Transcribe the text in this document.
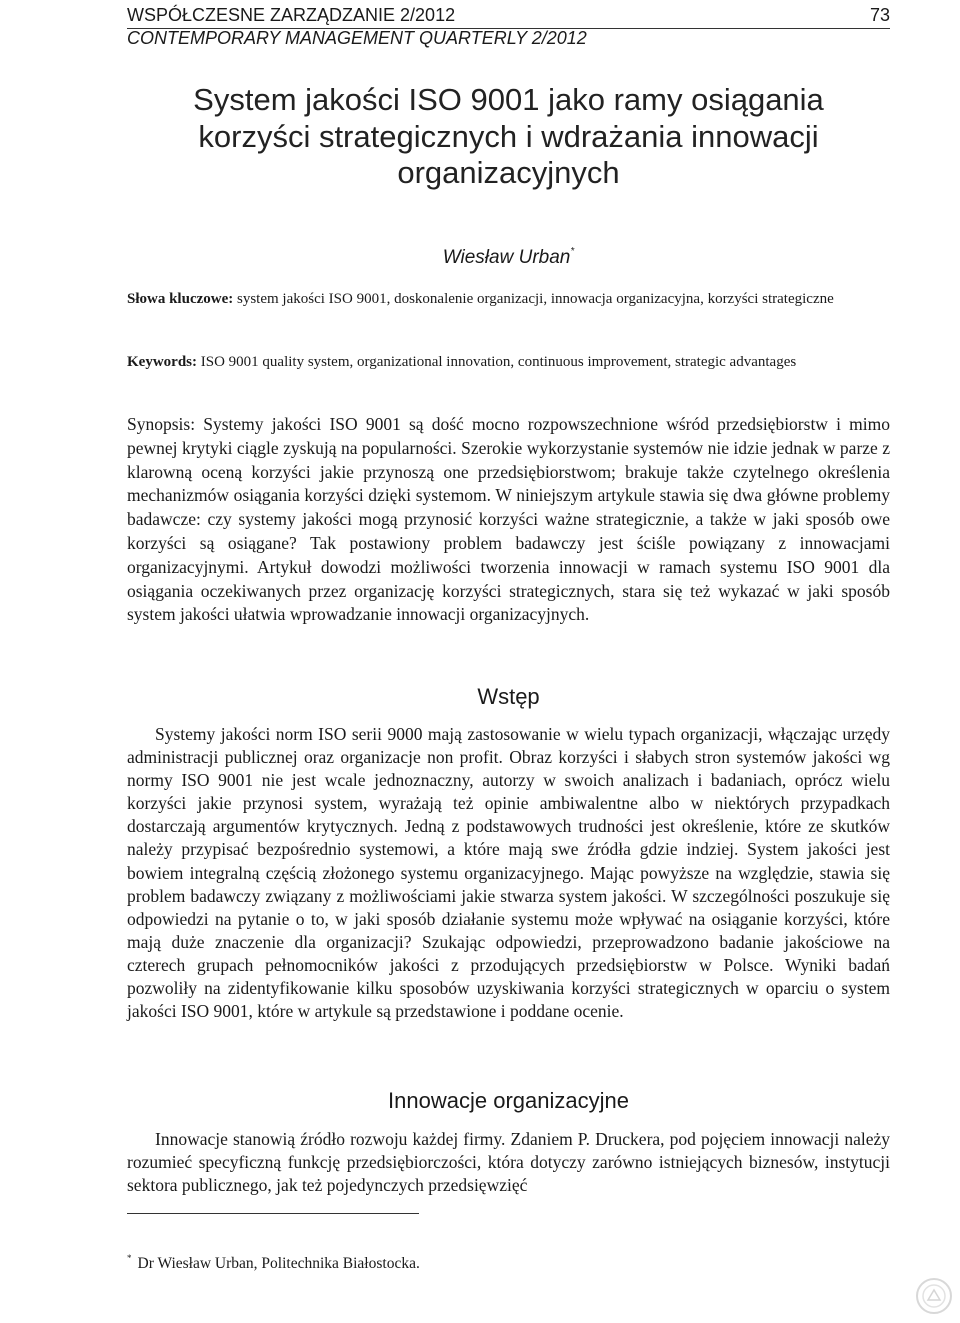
WSPÓŁCZESNE ZARZĄDZANIE 2/2012
CONTEMPORARY MANAGEMENT QUARTERLY 2/2012
73
System jakości ISO 9001 jako ramy osiągania
korzyści strategicznych i wdrażania innowacji
organizacyjnych
Wiesław Urban*
Słowa kluczowe: system jakości ISO 9001, doskonalenie organizacji, innowacja organizacyjna, korzyści strategiczne
Keywords: ISO 9001 quality system, organizational innovation, continuous improvement, strategic advantages
Synopsis: Systemy jakości ISO 9001 są dość mocno rozpowszechnione wśród przedsiębiorstw i mimo pewnej krytyki ciągle zyskują na popularności. Szerokie wykorzystanie systemów nie idzie jednak w parze z klarowną oceną korzyści jakie przynoszą one przedsiębiorstwom; brakuje także czytelnego określenia mechanizmów osiągania korzyści dzięki systemom. W niniejszym artykule stawia się dwa główne problemy badawcze: czy systemy jakości mogą przynosić korzyści ważne strategicznie, a także w jaki sposób owe korzyści są osiągane? Tak postawiony problem badawczy jest ściśle powiązany z innowacjami organizacyjnymi. Artykuł dowodzi możliwości tworzenia innowacji w ramach systemu ISO 9001 dla osiągania oczekiwanych przez organizację korzyści strategicznych, stara się też wykazać w jaki sposób system jakości ułatwia wprowadzanie innowacji organizacyjnych.
Wstęp

Systemy jakości norm ISO serii 9000 mają zastosowanie w wielu typach organizacji, włączając urzędy administracji publicznej oraz organizacje non profit. Obraz korzyści i słabych stron systemów jakości wg normy ISO 9001 nie jest wcale jednoznaczny, autorzy w swoich analizach i badaniach, oprócz wielu korzyści jakie przynosi system, wyrażają też opinie ambiwalentne albo w niektórych przypadkach dostarczają argumentów krytycznych. Jedną z podstawowych trudności jest określenie, które ze skutków należy przypisać bezpośrednio systemowi, a które mają swe źródła gdzie indziej. System jakości jest bowiem integralną częścią złożonego systemu organizacyjnego. Mając powyższe na względzie, stawia się problem badawczy związany z możliwościami jakie stwarza system jakości. W szczególności poszukuje się odpowiedzi na pytanie o to, w jaki sposób działanie systemu może wpływać na osiąganie korzyści, które mają duże znaczenie dla organizacji? Szukając odpowiedzi, przeprowadzono badanie jakościowe na czterech grupach pełnomocników jakości z przodujących przedsiębiorstw w Polsce. Wyniki badań pozwoliły na zidentyfikowanie kilku sposobów uzyskiwania korzyści strategicznych w oparciu o system jakości ISO 9001, które w artykule są przedstawione i poddane ocenie.

Innowacje organizacyjne

Innowacje stanowią źródło rozwoju każdej firmy. Zdaniem P. Druckera, pod pojęciem innowacji należy rozumieć specyficzną funkcję przedsiębiorczości, która dotyczy zarówno istniejących biznesów, instytucji sektora publicznego, jak też pojedynczych przedsięwzięć

* Dr Wiesław Urban, Politechnika Białostocka.
